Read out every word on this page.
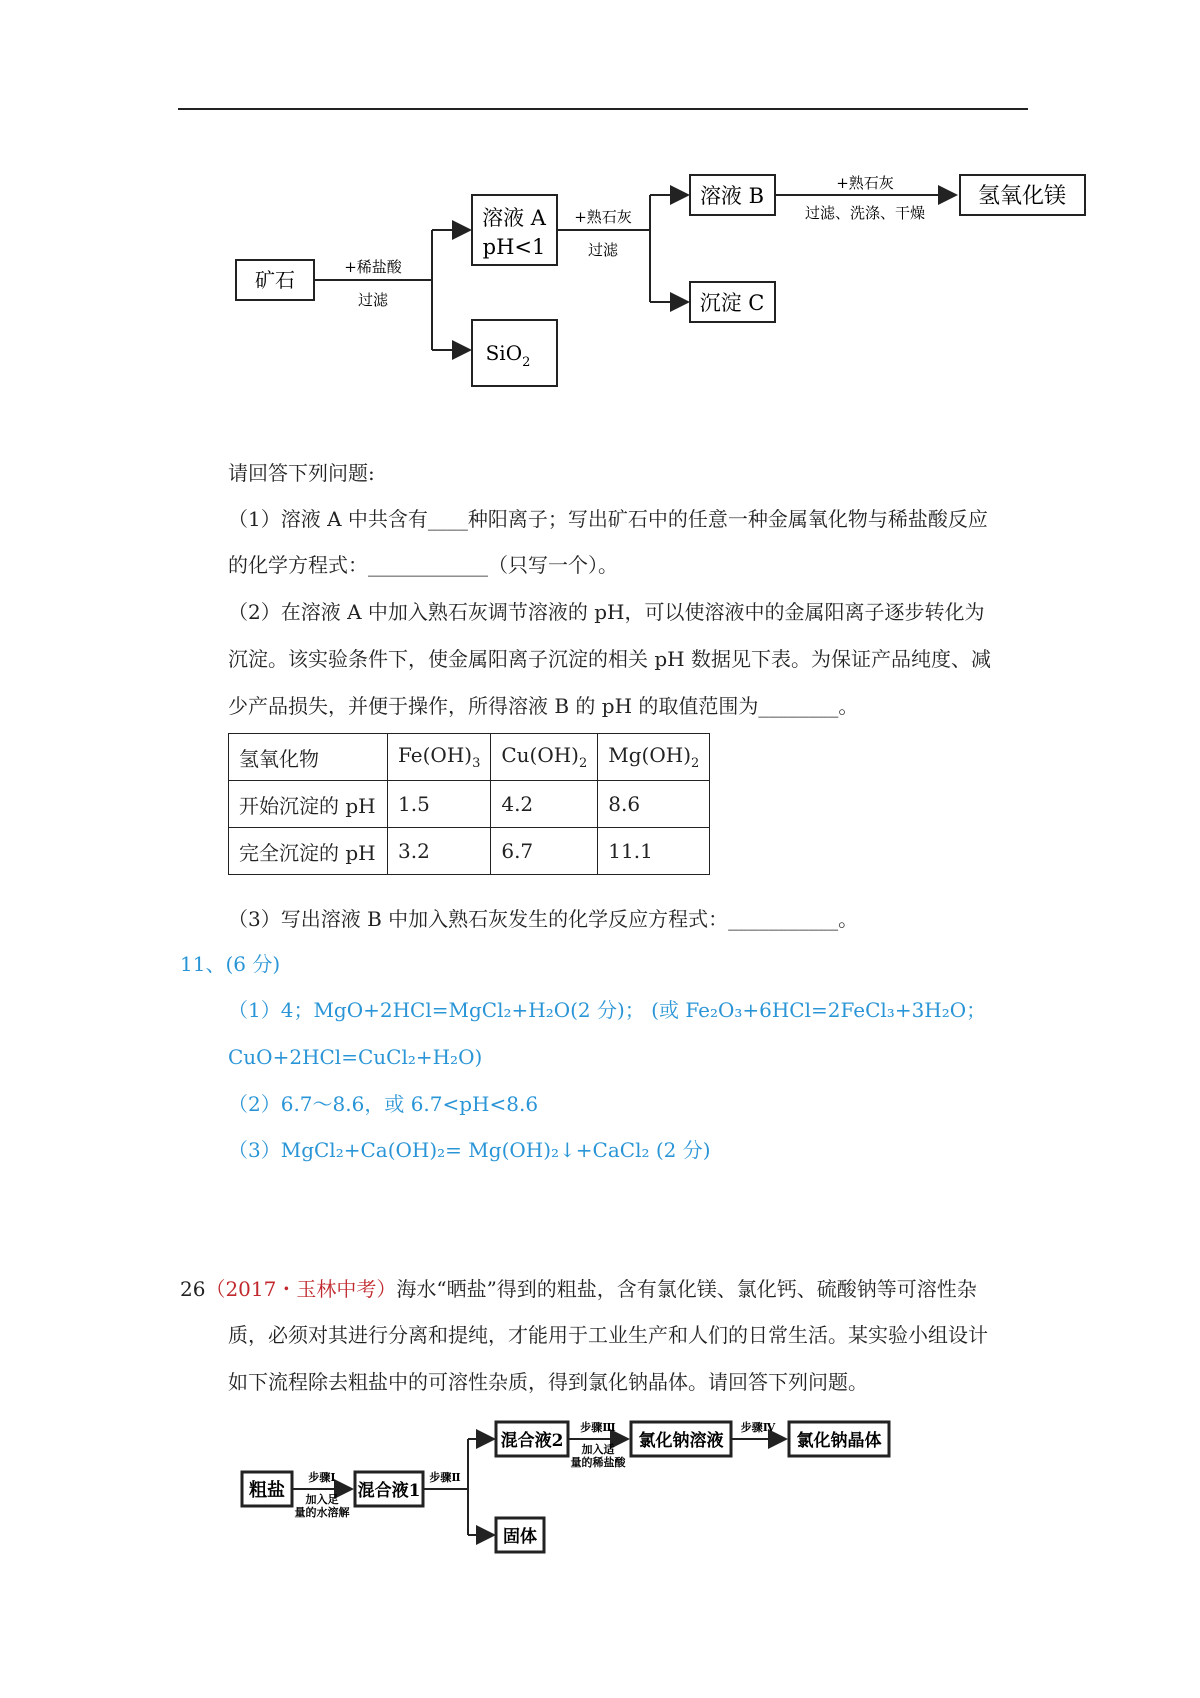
矿石
+稀盐酸
过滤
溶液 A
pH<1
SiO$_2$
+熟石灰
过滤
溶液 B
沉淀 C
+熟石灰
过滤、洗涤、干燥
氢氧化镁
请回答下列问题:
（1）溶液 A 中共含有____种阳离子；写出矿石中的任意一种金属氧化物与稀盐酸反应
的化学方程式：____________（只写一个）。
（2）在溶液 A 中加入熟石灰调节溶液的 pH，可以使溶液中的金属阳离子逐步转化为
沉淀。该实验条件下，使金属阳离子沉淀的相关 pH 数据见下表。为保证产品纯度、减
少产品损失，并便于操作，所得溶液 B 的 pH 的取值范围为________。
氢氧化物	$Fe(OH)_3$	$Cu(OH)_2$	$Mg(OH)_2$
开始沉淀的 pH	1.5	4.2	8.6
完全沉淀的 pH	3.2	6.7	11.1
（3）写出溶液 B 中加入熟石灰发生的化学反应方程式：___________。
11、(6 分)
（1）4；MgO+2HCl=MgCl₂+H₂O(2 分)； (或 Fe₂O₃+6HCl=2FeCl₃+3H₂O；
CuO+2HCl=CuCl₂+H₂O)
（2）6.7～8.6，或 6.7<pH<8.6
（3）MgCl₂+Ca(OH)₂= Mg(OH)₂↓+CaCl₂ (2 分)
26（2017・玉林中考）海水“晒盐”得到的粗盐，含有氯化镁、氯化钙、硫酸钠等可溶性杂
质，必须对其进行分离和提纯，才能用于工业生产和人们的日常生活。某实验小组设计
如下流程除去粗盐中的可溶性杂质，得到氯化钠晶体。请回答下列问题。
粗盐
步骤Ⅰ
加入足
量的水溶解
混合液1
步骤Ⅱ
混合液2
固体
步骤Ⅲ
加入适
量的稀盐酸
氯化钠溶液
步骤Ⅳ
氯化钠晶体
